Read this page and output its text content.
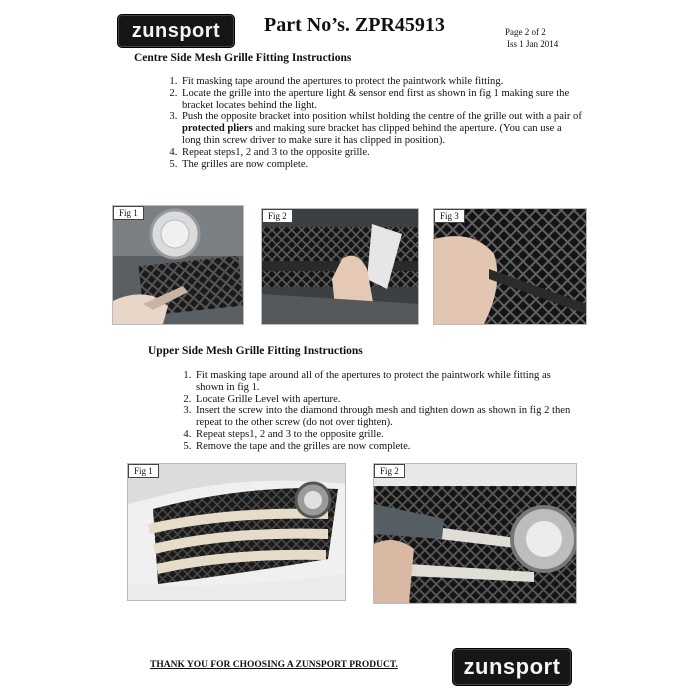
zunsport Part No’s. ZPR45913	Page 2 of 2
Iss 1 Jan 2014
Centre Side Mesh Grille Fitting Instructions
1. Fit masking tape around the apertures to protect the paintwork while fitting.
2. Locate the grille into the aperture light & sensor end first as shown in fig 1 making sure the bracket locates behind the light.
3. Push the opposite bracket into position whilst holding the centre of the grille out with a pair of protected pliers and making sure bracket has clipped behind the aperture. (You can use a long thin screw driver to make sure it has clipped in position).
4. Repeat steps1, 2 and 3 to the opposite grille.
5. The grilles are now complete.
Fig 1	Fig 2	Fig 3
Upper Side Mesh Grille Fitting Instructions
1. Fit masking tape around all of the apertures to protect the paintwork while fitting as shown in fig 1.
2. Locate Grille Level with aperture.
3. Insert the screw into the diamond through mesh and tighten down as shown in fig 2 then repeat to the other screw (do not over tighten).
4. Repeat steps1, 2 and 3 to the opposite grille.
5. Remove the tape and the grilles are now complete.
Fig 1	Fig 2
THANK YOU FOR CHOOSING A ZUNSPORT PRODUCT.	zunsport
